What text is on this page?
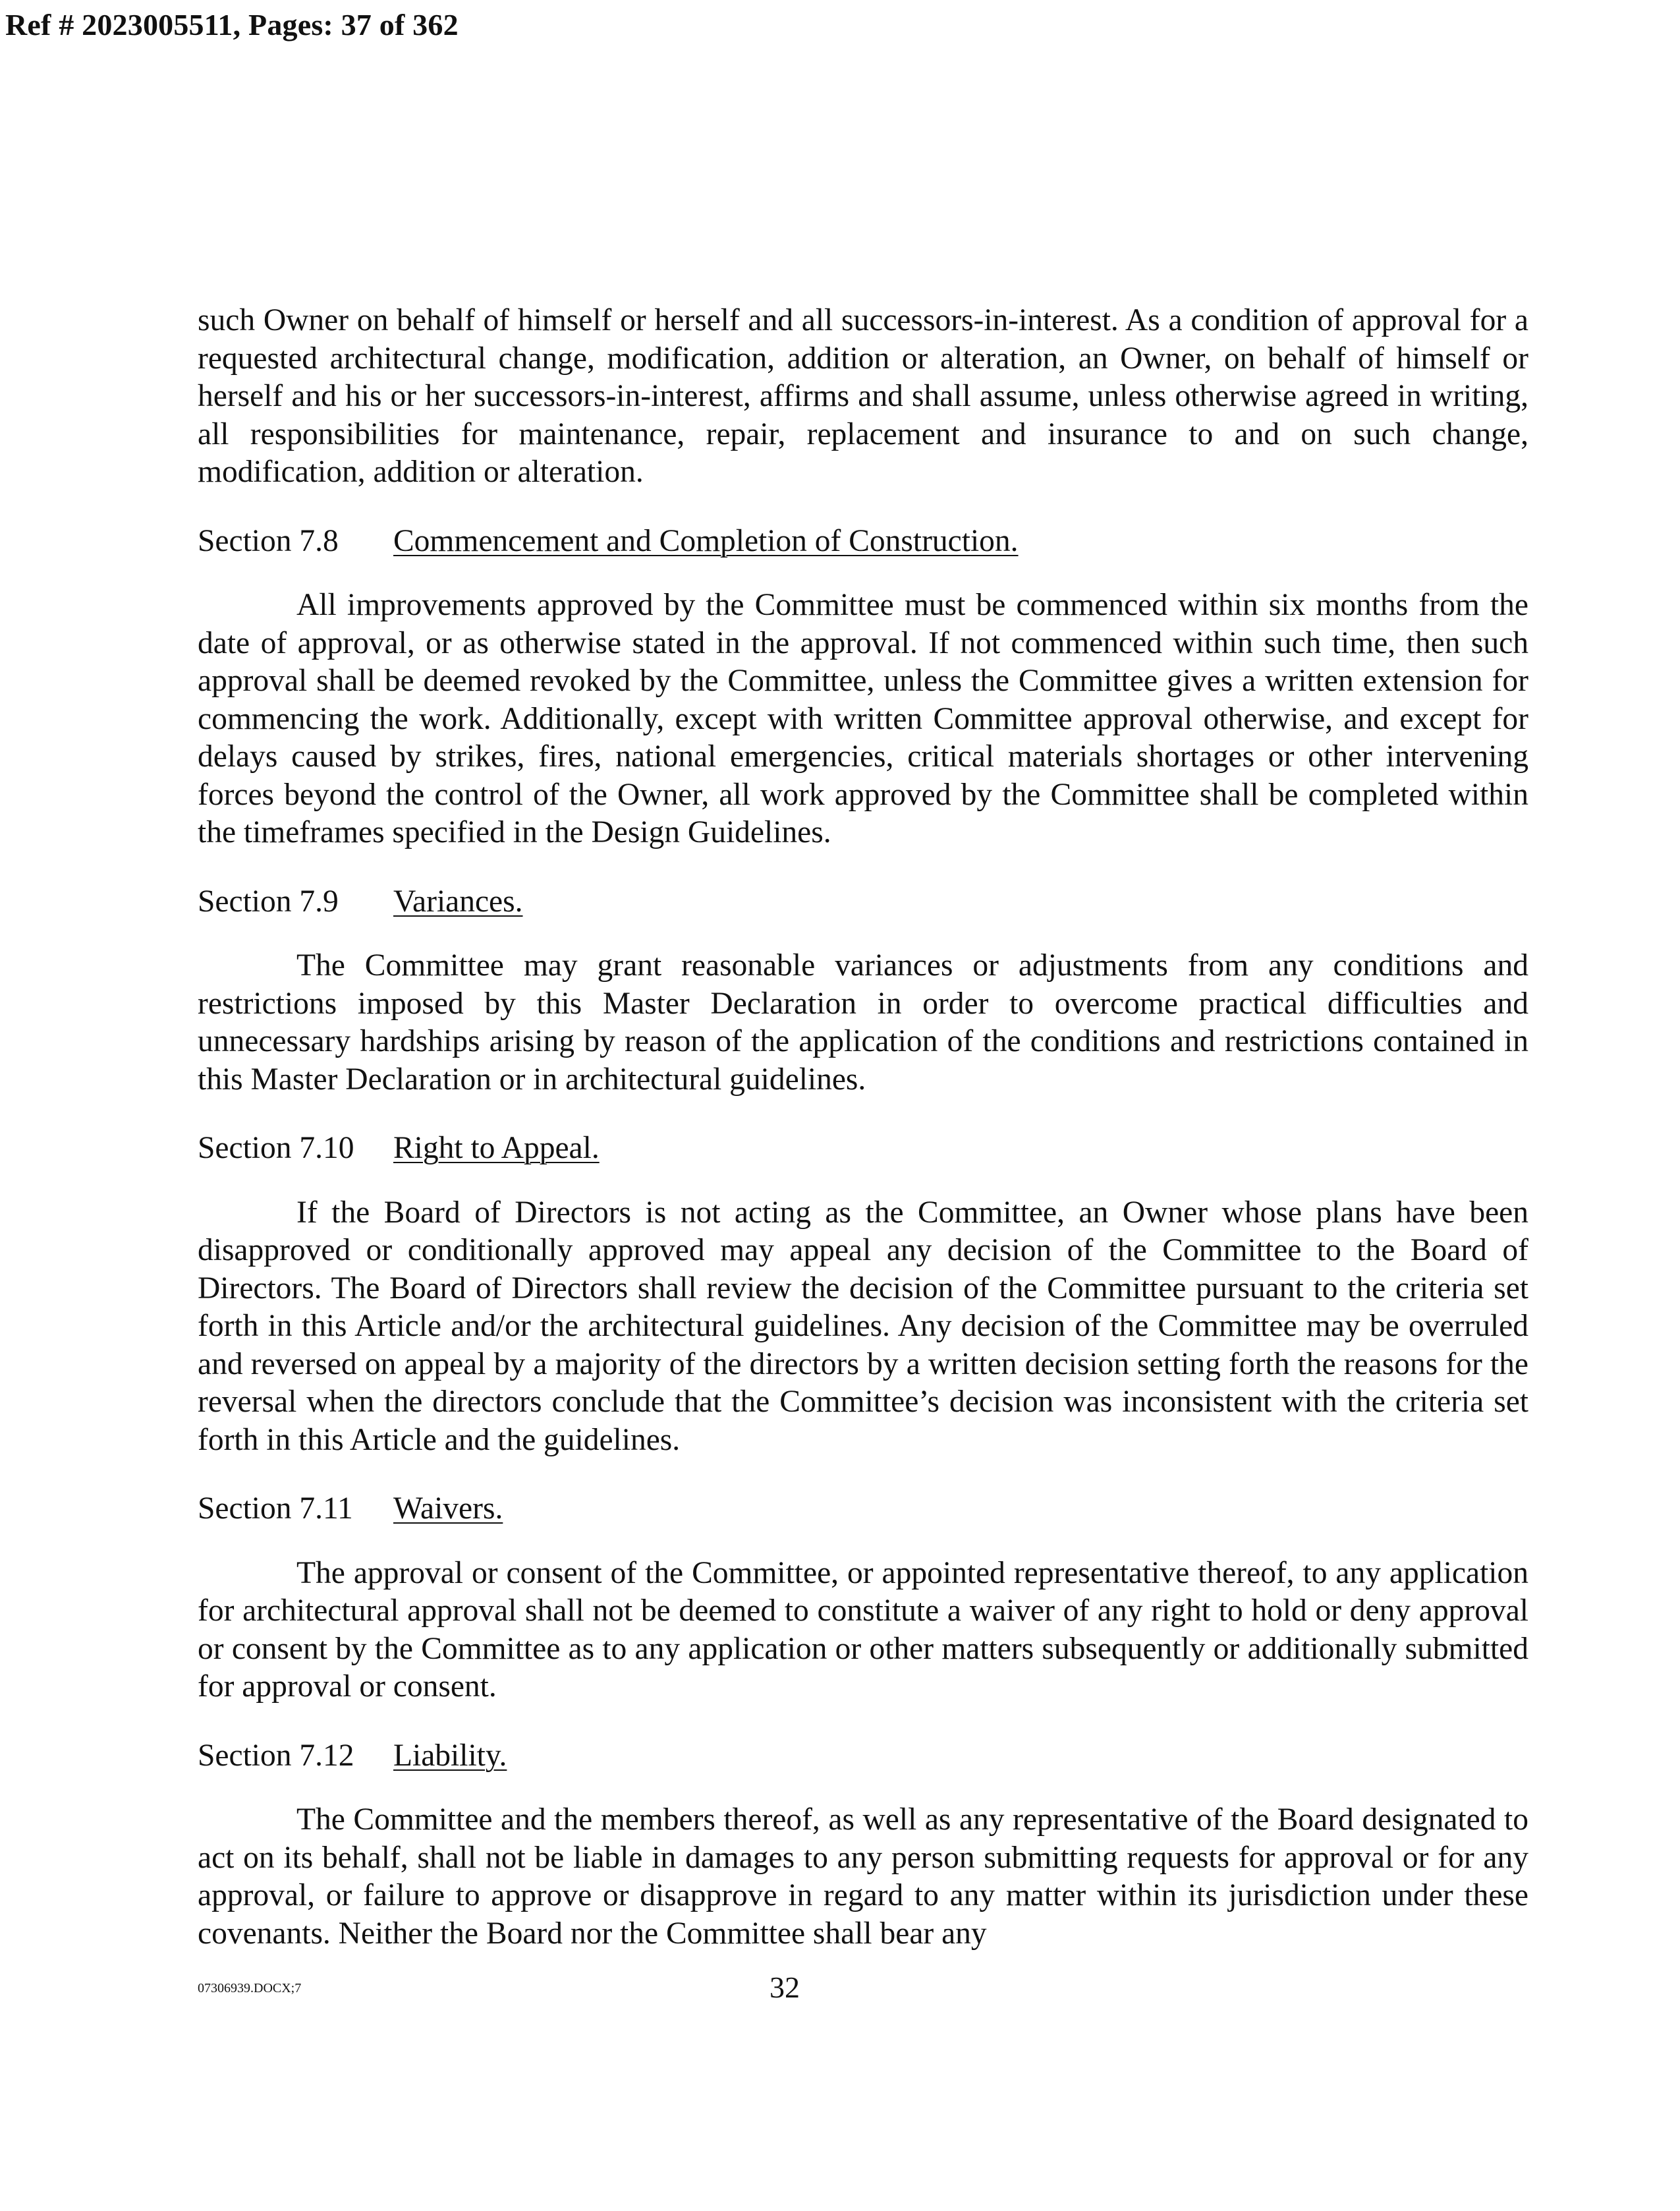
Ref # 2023005511, Pages: 37 of 362

such Owner on behalf of himself or herself and all successors-in-interest. As a condition of approval for a requested architectural change, modification, addition or alteration, an Owner, on behalf of himself or herself and his or her successors-in-interest, affirms and shall assume, unless otherwise agreed in writing, all responsibilities for maintenance, repair, replacement and insurance to and on such change, modification, addition or alteration.

Section 7.8 Commencement and Completion of Construction.

All improvements approved by the Committee must be commenced within six months from the date of approval, or as otherwise stated in the approval. If not commenced within such time, then such approval shall be deemed revoked by the Committee, unless the Committee gives a written extension for commencing the work. Additionally, except with written Committee approval otherwise, and except for delays caused by strikes, fires, national emergencies, critical materials shortages or other intervening forces beyond the control of the Owner, all work approved by the Committee shall be completed within the timeframes specified in the Design Guidelines.

Section 7.9 Variances.

The Committee may grant reasonable variances or adjustments from any conditions and restrictions imposed by this Master Declaration in order to overcome practical difficulties and unnecessary hardships arising by reason of the application of the conditions and restrictions contained in this Master Declaration or in architectural guidelines.

Section 7.10 Right to Appeal.

If the Board of Directors is not acting as the Committee, an Owner whose plans have been disapproved or conditionally approved may appeal any decision of the Committee to the Board of Directors. The Board of Directors shall review the decision of the Committee pursuant to the criteria set forth in this Article and/or the architectural guidelines. Any decision of the Committee may be overruled and reversed on appeal by a majority of the directors by a written decision setting forth the reasons for the reversal when the directors conclude that the Committee’s decision was inconsistent with the criteria set forth in this Article and the guidelines.

Section 7.11 Waivers.

The approval or consent of the Committee, or appointed representative thereof, to any application for architectural approval shall not be deemed to constitute a waiver of any right to hold or deny approval or consent by the Committee as to any application or other matters subsequently or additionally submitted for approval or consent.

Section 7.12 Liability.

The Committee and the members thereof, as well as any representative of the Board designated to act on its behalf, shall not be liable in damages to any person submitting requests for approval or for any approval, or failure to approve or disapprove in regard to any matter within its jurisdiction under these covenants. Neither the Board nor the Committee shall bear any

07306939.DOCX;7	32
